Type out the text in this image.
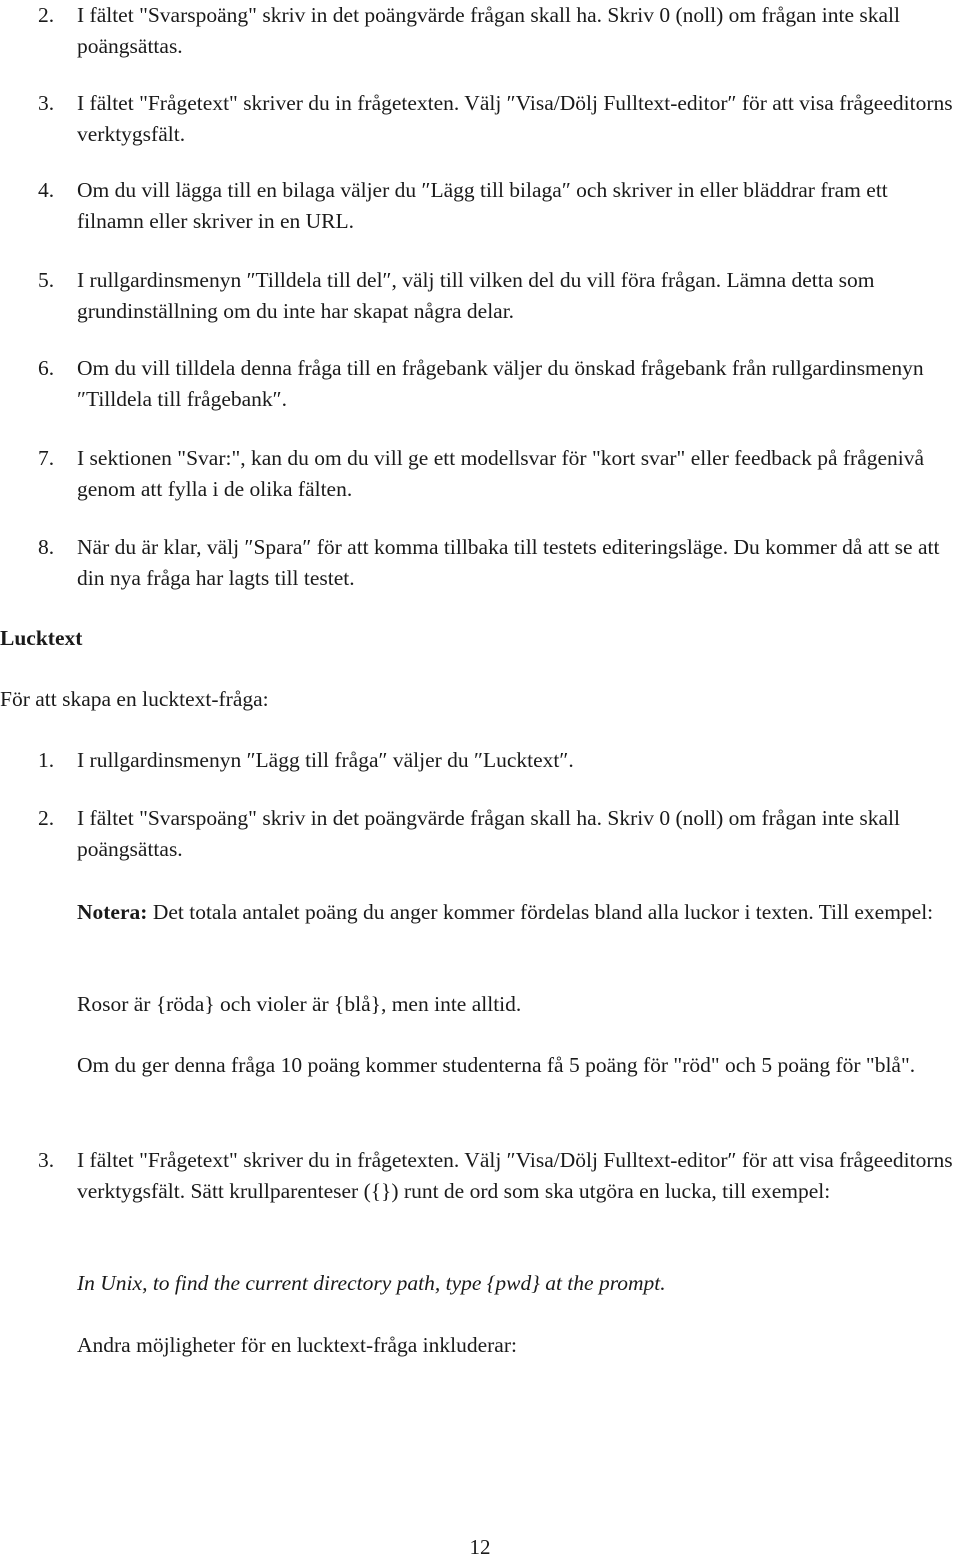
2. I fältet "Svarspoäng" skriv in det poängvärde frågan skall ha. Skriv 0 (noll) om frågan inte skall poängsättas.
3. I fältet "Frågetext" skriver du in frågetexten. Välj ″Visa/Dölj Fulltext-editor″ för att visa frågeeditorns verktygsfält.
4. Om du vill lägga till en bilaga väljer du ″Lägg till bilaga″ och skriver in eller bläddrar fram ett filnamn eller skriver in en URL.
5. I rullgardinsmenyn ″Tilldela till del″, välj till vilken del du vill föra frågan. Lämna detta som grundinställning om du inte har skapat några delar.
6. Om du vill tilldela denna fråga till en frågebank väljer du önskad frågebank från rullgardinsmenyn ″Tilldela till frågebank″.
7. I sektionen "Svar:", kan du om du vill ge ett modellsvar för "kort svar" eller feedback på frågenivå genom att fylla i de olika fälten.
8. När du är klar, välj ″Spara″ för att komma tillbaka till testets editeringsläge. Du kommer då att se att din nya fråga har lagts till testet.
Lucktext
För att skapa en lucktext-fråga:
1. I rullgardinsmenyn ″Lägg till fråga″ väljer du ″Lucktext″.
2. I fältet "Svarspoäng" skriv in det poängvärde frågan skall ha. Skriv 0 (noll) om frågan inte skall poängsättas.
Notera: Det totala antalet poäng du anger kommer fördelas bland alla luckor i texten. Till exempel:
Rosor är {röda} och violer är {blå}, men inte alltid.
Om du ger denna fråga 10 poäng kommer studenterna få 5 poäng för "röd" och 5 poäng för "blå".
3. I fältet "Frågetext" skriver du in frågetexten. Välj ″Visa/Dölj Fulltext-editor″ för att visa frågeeditorns verktygsfält. Sätt krullparenteser ({}) runt de ord som ska utgöra en lucka, till exempel:
In Unix, to find the current directory path, type {pwd} at the prompt.
Andra möjligheter för en lucktext-fråga inkluderar:
12
